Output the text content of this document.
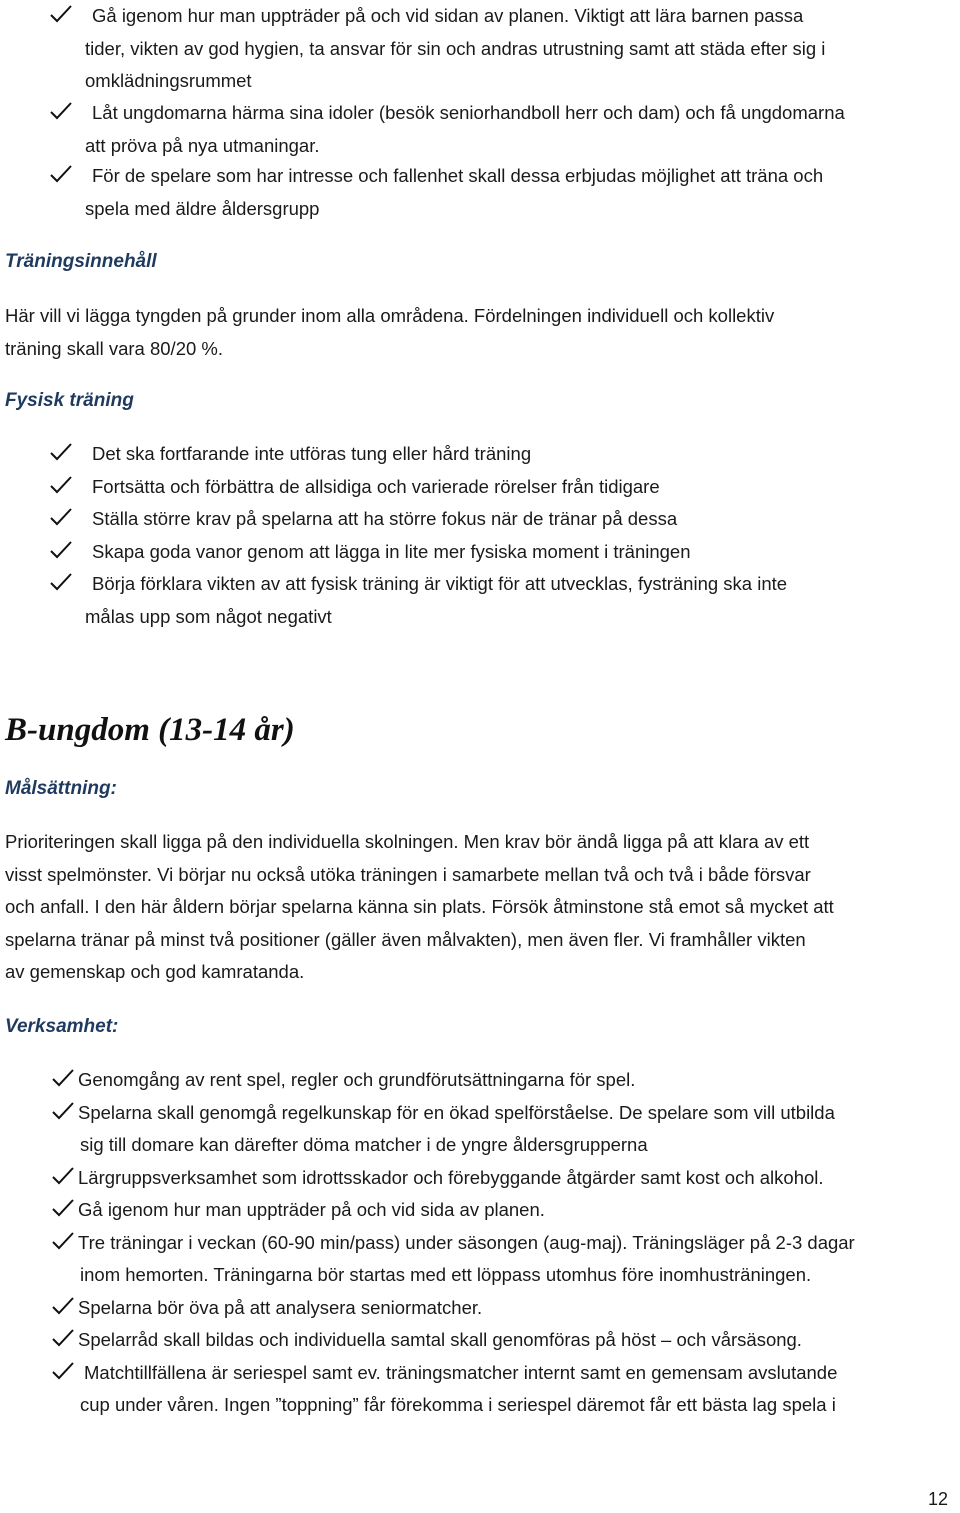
Gå igenom hur man uppträder på och vid sidan av planen. Viktigt att lära barnen passa

tider, vikten av god hygien, ta ansvar för sin och andras utrustning samt att städa efter sig i

omklädningsrummet

Låt ungdomarna härma sina idoler (besök seniorhandboll herr och dam) och få ungdomarna

att pröva på nya utmaningar.

För de spelare som har intresse och fallenhet skall dessa erbjudas möjlighet att träna och

spela med äldre åldersgrupp

Träningsinnehåll

Här vill vi lägga tyngden på grunder inom alla områdena. Fördelningen individuell och kollektiv

träning skall vara 80/20 %.

Fysisk träning

Det ska fortfarande inte utföras tung eller hård träning

Fortsätta och förbättra de allsidiga och varierade rörelser från tidigare

Ställa större krav på spelarna att ha större fokus när de tränar på dessa

Skapa goda vanor genom att lägga in lite mer fysiska moment i träningen

Börja förklara vikten av att fysisk träning är viktigt för att utvecklas, fysträning ska inte

målas upp som något negativt

B-ungdom (13-14 år)
Målsättning:

Prioriteringen skall ligga på den individuella skolningen. Men krav bör ändå ligga på att klara av ett

visst spelmönster. Vi börjar nu också utöka träningen i samarbete mellan två och två i både försvar

och anfall. I den här åldern börjar spelarna känna sin plats. Försök åtminstone stå emot så mycket att

spelarna tränar på minst två positioner (gäller även målvakten), men även fler. Vi framhåller vikten

av gemenskap och god kamratanda.

Verksamhet:

Genomgång av rent spel, regler och grundförutsättningarna för spel.

Spelarna skall genomgå regelkunskap för en ökad spelförståelse. De spelare som vill utbilda

sig till domare kan därefter döma matcher i de yngre åldersgrupperna

Lärgruppsverksamhet som idrottsskador och förebyggande åtgärder samt kost och alkohol.

Gå igenom hur man uppträder på och vid sida av planen.

Tre träningar i veckan (60-90 min/pass) under säsongen (aug-maj). Träningsläger på 2-3 dagar

inom hemorten. Träningarna bör startas med ett löppass utomhus före inomhusträningen.

Spelarna bör öva på att analysera seniormatcher.

Spelarråd skall bildas och individuella samtal skall genomföras på höst – och vårsäsong.

Matchtillfällena är seriespel samt ev. träningsmatcher internt samt en gemensam avslutande

cup under våren. Ingen ”toppning” får förekomma i seriespel däremot får ett bästa lag spela i

12
